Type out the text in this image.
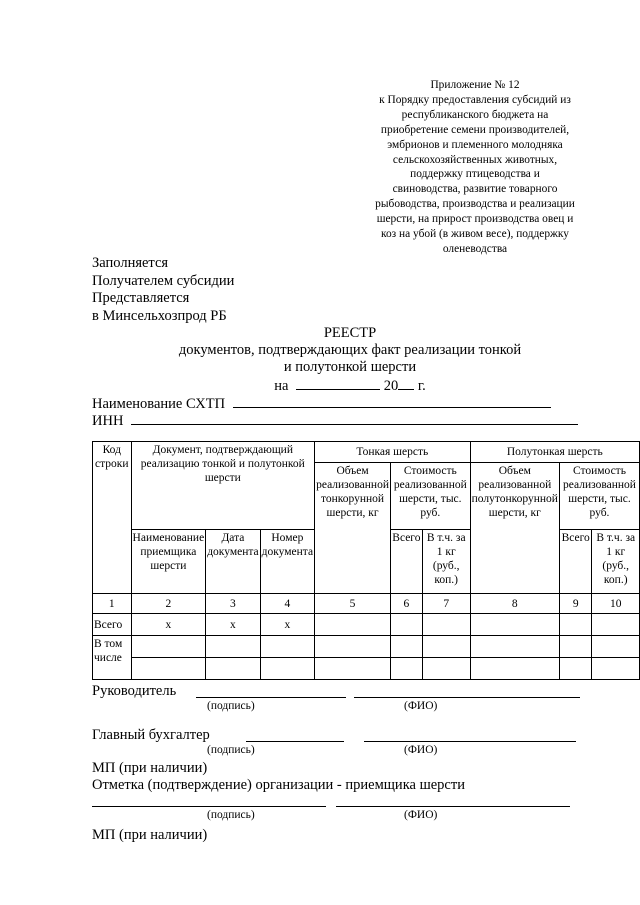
Приложение № 12
к Порядку предоставления субсидий из
республиканского бюджета на
приобретение семени производителей,
эмбрионов и племенного молодняка
сельскохозяйственных животных,
поддержку птицеводства и
свиноводства, развитие товарного
рыбоводства, производства и реализации
шерсти, на прирост производства овец и
коз на убой (в живом весе), поддержку
оленеводства
Заполняется
Получателем субсидии
Представляется
в Минсельхозпрод РБ
РЕЕСТР
документов, подтверждающих факт реализации тонкой
и полутонкой шерсти
на	20 г.
Наименование СХТП
ИНН
Код строки	Документ, подтверждающий реализацию тонкой и полутонкой шерсти			Тонкая шерсть			Полутонкая шерсть		
				Объем реализованной тонкорунной шерсти, кг	Стоимость реализованной шерсти, тыс. руб.		Объем реализованной полутонкорунной шерсти, кг	Стоимость реализованной шерсти, тыс. руб.	
	Наименование приемщика шерсти	Дата документа	Номер документа		Всего	В т.ч. за 1 кг (руб., коп.)		Всего	В т.ч. за 1 кг (руб., коп.)
1	2	3	4	5	6	7	8	9	10
Всего	x	x	x						
В том числе									

Руководитель
(подпись)	(ФИО)
Главный бухгалтер
(подпись)	(ФИО)
МП (при наличии)
Отметка (подтверждение) организации - приемщика шерсти
(подпись)	(ФИО)
МП (при наличии)
